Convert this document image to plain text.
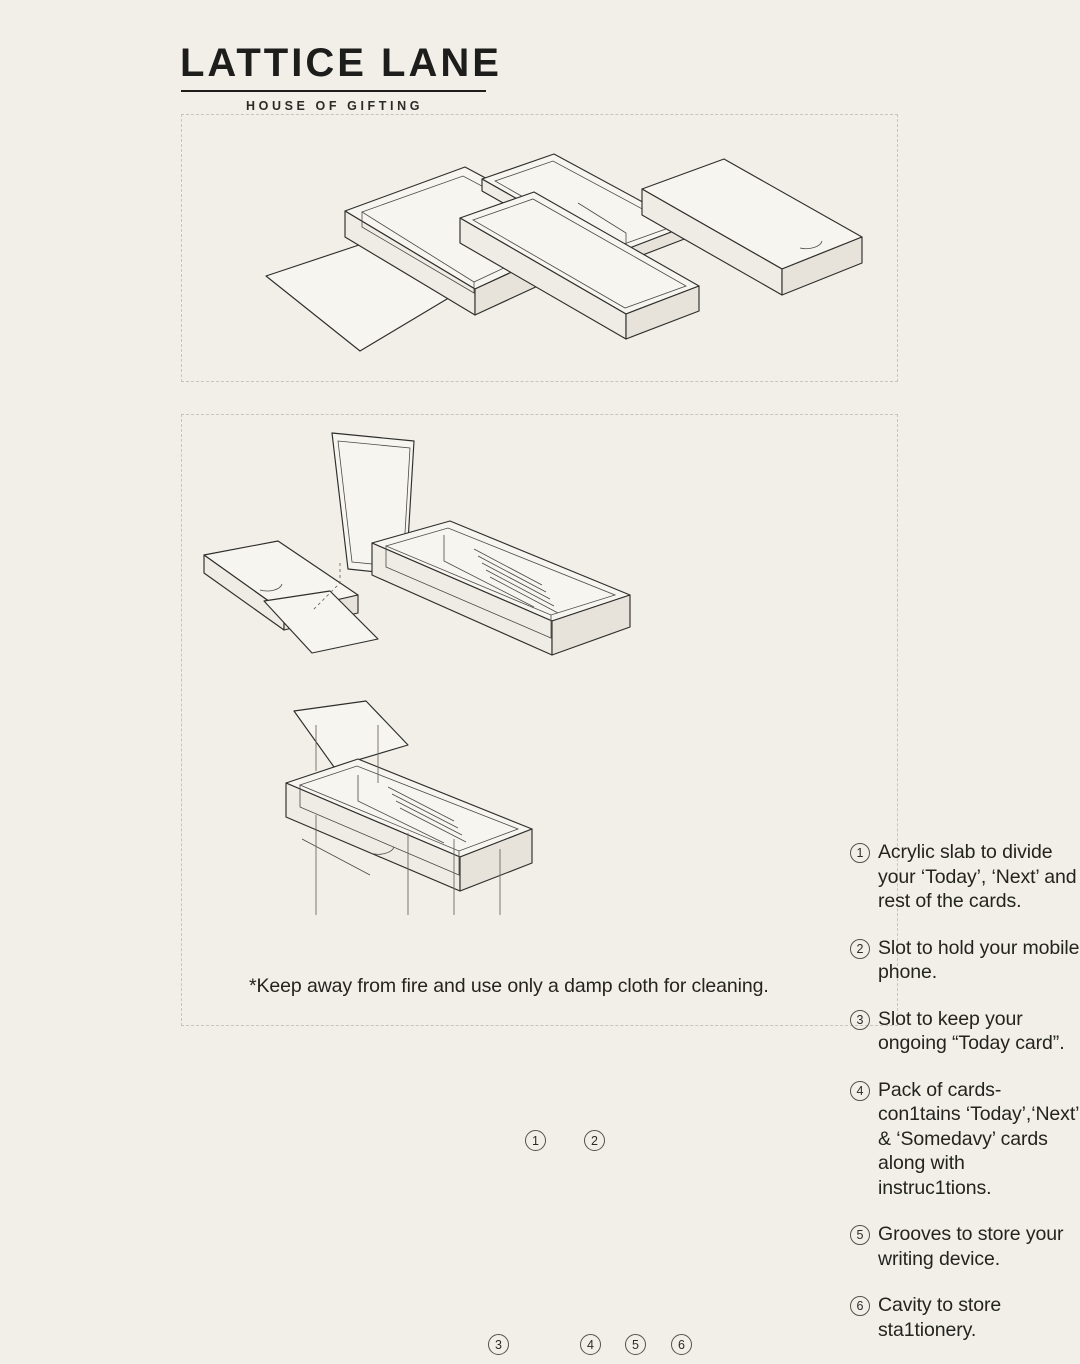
LATTICE LANE
HOUSE OF GIFTING
1	2
3	4	5	6
1 Acrylic slab to divide your ‘Today’, ‘Next’ and rest of the cards.
2 Slot to hold your mobile phone.
3 Slot to keep your ongoing “Today card”.
4 Pack of cards-con1tains ‘Today’,‘Next’ & ‘Somedavy’ cards along with instruc1tions.
5 Grooves to store your writing device.
6 Cavity to store sta1tionery.
*Keep away from fire and use only a damp cloth for cleaning.
